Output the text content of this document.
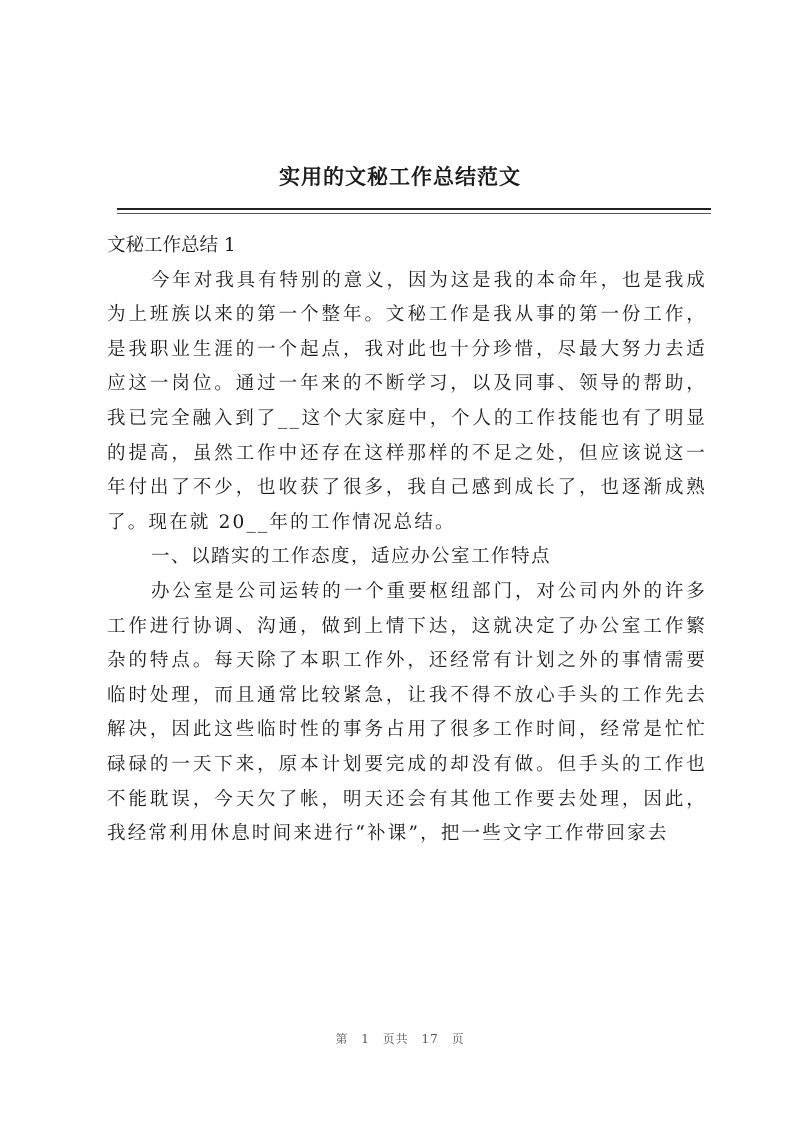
实用的文秘工作总结范文

文秘工作总结 1

今年对我具有特别的意义，因为这是我的本命年，也是我成为上班族以来的第一个整年。文秘工作是我从事的第一份工作，是我职业生涯的一个起点，我对此也十分珍惜，尽最大努力去适应这一岗位。通过一年来的不断学习，以及同事、领导的帮助，我已完全融入到了__这个大家庭中，个人的工作技能也有了明显的提高，虽然工作中还存在这样那样的不足之处，但应该说这一年付出了不少，也收获了很多，我自己感到成长了，也逐渐成熟了。现在就 20__年的工作情况总结。

一、以踏实的工作态度，适应办公室工作特点

办公室是公司运转的一个重要枢纽部门，对公司内外的许多工作进行协调、沟通，做到上情下达，这就决定了办公室工作繁杂的特点。每天除了本职工作外，还经常有计划之外的事情需要临时处理，而且通常比较紧急，让我不得不放心手头的工作先去解决，因此这些临时性的事务占用了很多工作时间，经常是忙忙碌碌的一天下来，原本计划要完成的却没有做。但手头的工作也不能耽误，今天欠了帐，明天还会有其他工作要去处理，因此，我经常利用休息时间来进行“补课”，把一些文字工作带回家去

第 1 页共 17 页
